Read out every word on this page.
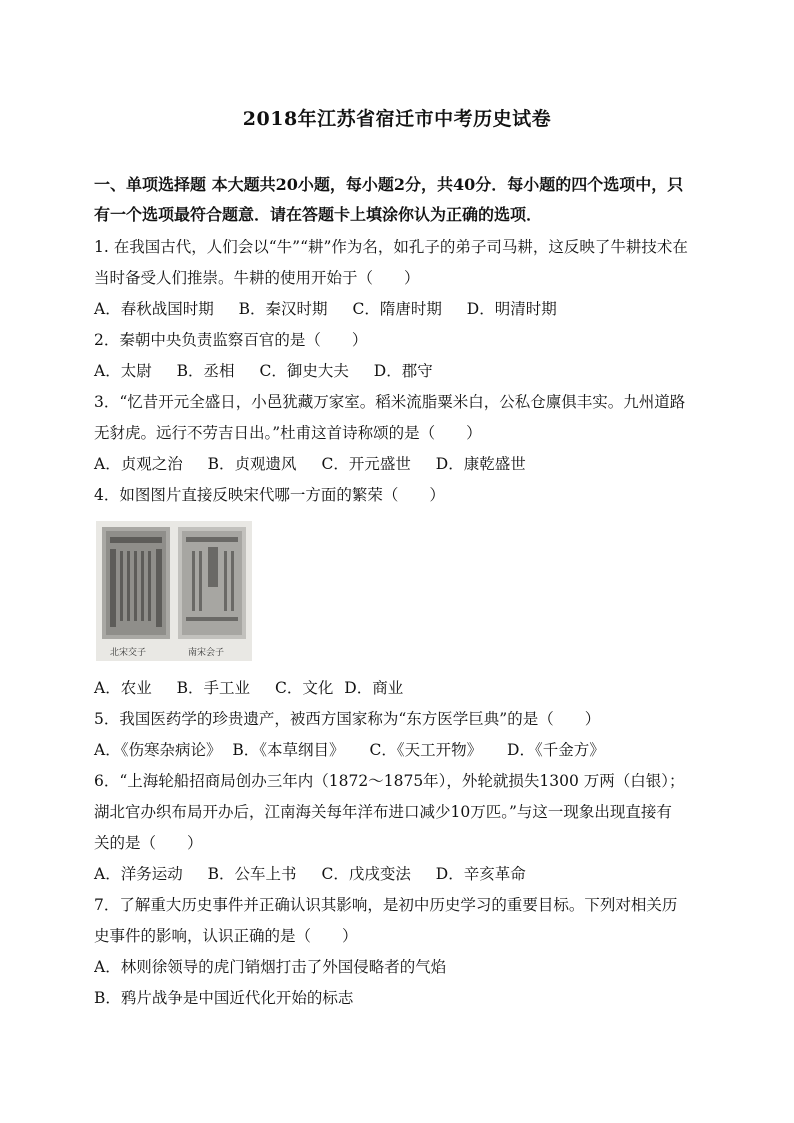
2018年江苏省宿迁市中考历史试卷
一、单项选择题 本大题共20小题，每小题2分，共40分．每小题的四个选项中，只
有一个选项最符合题意．请在答题卡上填涂你认为正确的选项．
1. 在我国古代，人们会以“牛”“耕”作为名，如孔子的弟子司马耕，这反映了牛耕技术在
当时备受人们推崇。牛耕的使用开始于（　　）
A．春秋战国时期 B．秦汉时期 C．隋唐时期 D．明清时期
2．秦朝中央负责监察百官的是（　　）
A．太尉 B．丞相 C．御史大夫 D．郡守
3．“忆昔开元全盛日，小邑犹藏万家室。稻米流脂粟米白，公私仓廪俱丰实。九州道路
无豺虎。远行不劳吉日出。”杜甫这首诗称颂的是（　　）
A．贞观之治 B．贞观遗风 C．开元盛世 D．康乾盛世
4．如图图片直接反映宋代哪一方面的繁荣（　　）
北宋交子	南宋会子
A．农业 B．手工业 C．文化 D．商业
5．我国医药学的珍贵遗产，被西方国家称为“东方医学巨典”的是（　　）
A．《伤寒杂病论》 B．《本草纲目》 C．《天工开物》 D．《千金方》
6．“上海轮船招商局创办三年内（1872～1875年），外轮就损失1300 万两（白银）；
湖北官办织布局开办后，江南海关每年洋布进口减少10万匹。”与这一现象出现直接有
关的是（　　）
A．洋务运动 B．公车上书 C．戊戌变法 D．辛亥革命
7．了解重大历史事件并正确认识其影响，是初中历史学习的重要目标。下列对相关历
史事件的影响，认识正确的是（　　）
A．林则徐领导的虎门销烟打击了外国侵略者的气焰
B．鸦片战争是中国近代化开始的标志
